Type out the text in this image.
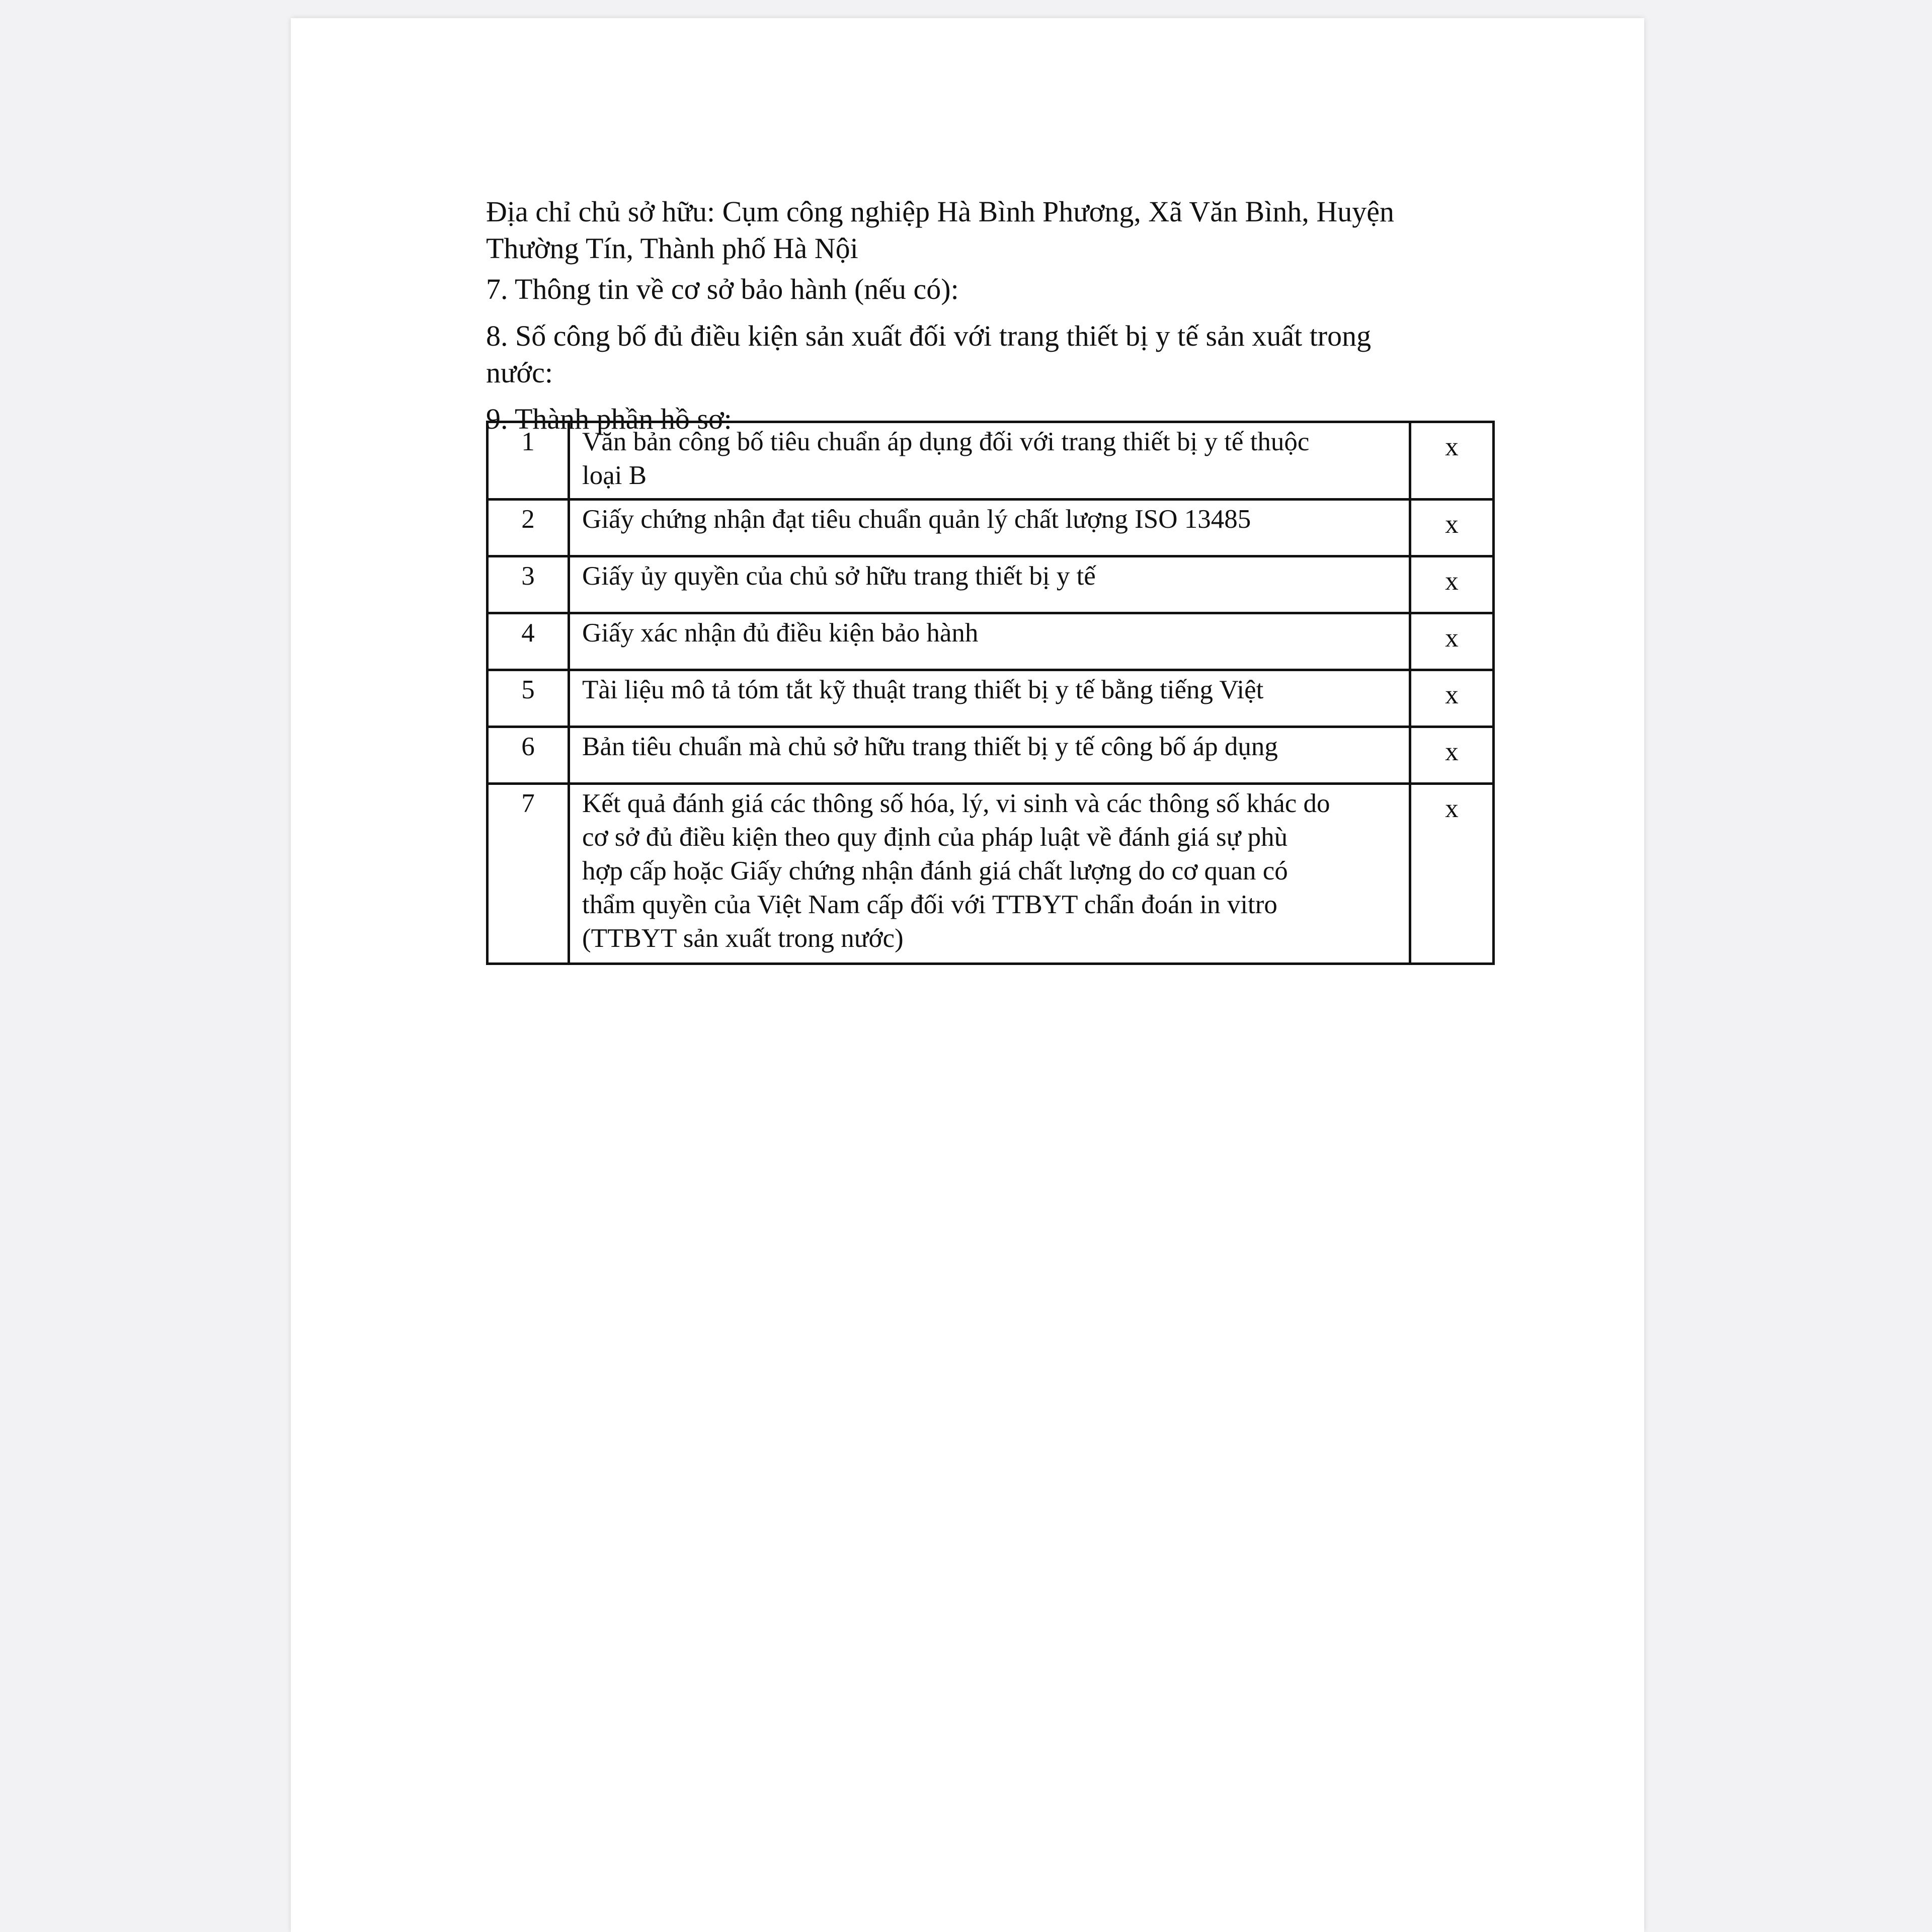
Địa chỉ chủ sở hữu: Cụm công nghiệp Hà Bình Phương, Xã Văn Bình, Huyện
Thường Tín, Thành phố Hà Nội
7. Thông tin về cơ sở bảo hành (nếu có):
8. Số công bố đủ điều kiện sản xuất đối với trang thiết bị y tế sản xuất trong
nước:
9. Thành phần hồ sơ:
1	Văn bản công bố tiêu chuẩn áp dụng đối với trang thiết bị y tế thuộc
loại B	x
2	Giấy chứng nhận đạt tiêu chuẩn quản lý chất lượng ISO 13485	x
3	Giấy ủy quyền của chủ sở hữu trang thiết bị y tế	x
4	Giấy xác nhận đủ điều kiện bảo hành	x
5	Tài liệu mô tả tóm tắt kỹ thuật trang thiết bị y tế bằng tiếng Việt	x
6	Bản tiêu chuẩn mà chủ sở hữu trang thiết bị y tế công bố áp dụng	x
7	Kết quả đánh giá các thông số hóa, lý, vi sinh và các thông số khác do
cơ sở đủ điều kiện theo quy định của pháp luật về đánh giá sự phù
hợp cấp hoặc Giấy chứng nhận đánh giá chất lượng do cơ quan có
thẩm quyền của Việt Nam cấp đối với TTBYT chẩn đoán in vitro
(TTBYT sản xuất trong nước)	x
